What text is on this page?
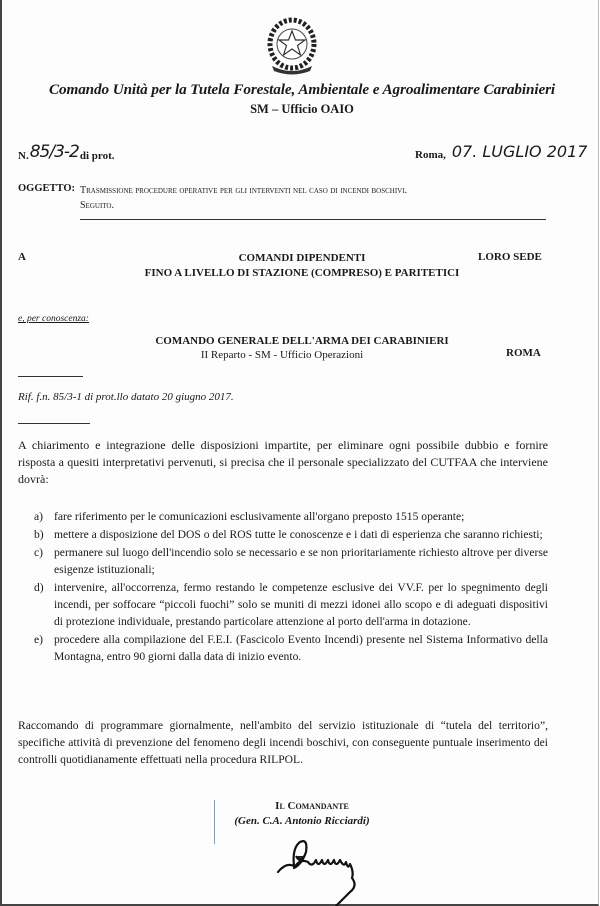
Comando Unità per la Tutela Forestale, Ambientale e Agroalimentare Carabinieri
SM – Ufficio OAIO
N. 85/3-2 di prot.	Roma, 07. LUGLIO 2017
OGGETTO: Trasmissione procedure operative per gli interventi nel caso di incendi boschivi.
Seguito.
A	COMANDI DIPENDENTI
FINO A LIVELLO DI STAZIONE (COMPRESO) E PARITETICI
LORO SEDE
e, per conoscenza:
COMANDO GENERALE DELL'ARMA DEI CARABINIERI
II Reparto - SM - Ufficio Operazioni	ROMA
Rif. f.n. 85/3-1 di prot.llo datato 20 giugno 2017.
A chiarimento e integrazione delle disposizioni impartite, per eliminare ogni possibile dubbio e fornire risposta a quesiti interpretativi pervenuti, si precisa che il personale specializzato del CUTFAA che interviene dovrà:
a) fare riferimento per le comunicazioni esclusivamente all'organo preposto 1515 operante;
b) mettere a disposizione del DOS o del ROS tutte le conoscenze e i dati di esperienza che saranno richiesti;
c) permanere sul luogo dell'incendio solo se necessario e se non prioritariamente richiesto altrove per diverse esigenze istituzionali;
d) intervenire, all'occorrenza, fermo restando le competenze esclusive dei VV.F. per lo spegnimento degli incendi, per soffocare “piccoli fuochi” solo se muniti di mezzi idonei allo scopo e di adeguati dispositivi di protezione individuale, prestando particolare attenzione al porto dell'arma in dotazione.
e) procedere alla compilazione del F.E.I. (Fascicolo Evento Incendi) presente nel Sistema Informativo della Montagna, entro 90 giorni dalla data di inizio evento.
Raccomando di programmare giornalmente, nell'ambito del servizio istituzionale di “tutela del territorio”, specifiche attività di prevenzione del fenomeno degli incendi boschivi, con conseguente puntuale inserimento dei controlli quotidianamente effettuati nella procedura RILPOL.
Il Comandante
(Gen. C.A. Antonio Ricciardi)
